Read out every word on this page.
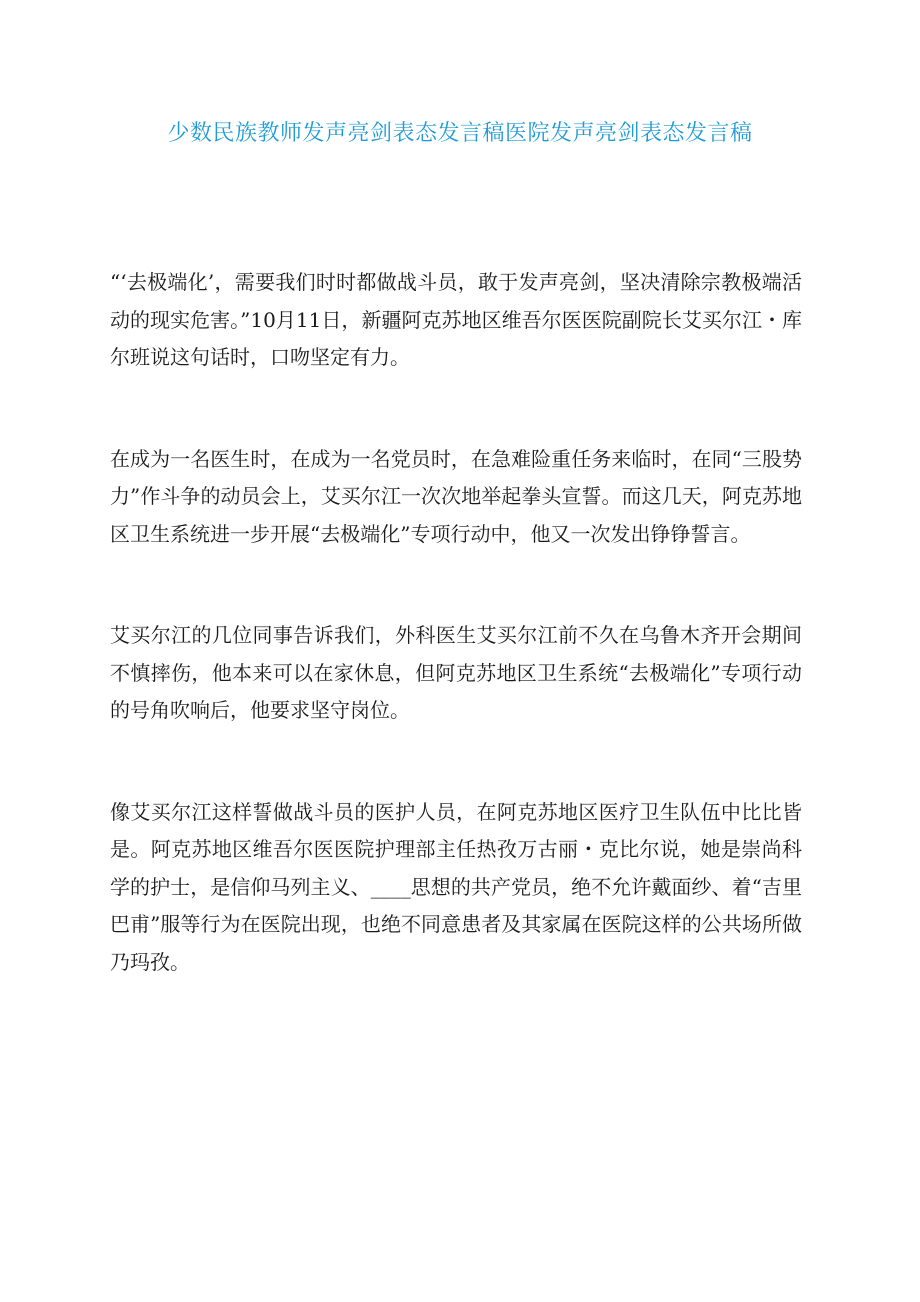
少数民族教师发声亮剑表态发言稿医院发声亮剑表态发言稿

“‘去极端化’，需要我们时时都做战斗员，敢于发声亮剑，坚决清除宗教极端活动的现实危害。”10月11日，新疆阿克苏地区维吾尔医医院副院长艾买尔江・库尔班说这句话时，口吻坚定有力。

在成为一名医生时，在成为一名党员时，在急难险重任务来临时，在同“三股势力”作斗争的动员会上，艾买尔江一次次地举起拳头宣誓。而这几天，阿克苏地区卫生系统进一步开展“去极端化”专项行动中，他又一次发出铮铮誓言。

艾买尔江的几位同事告诉我们，外科医生艾买尔江前不久在乌鲁木齐开会期间不慎摔伤，他本来可以在家休息，但阿克苏地区卫生系统“去极端化”专项行动的号角吹响后，他要求坚守岗位。

像艾买尔江这样誓做战斗员的医护人员，在阿克苏地区医疗卫生队伍中比比皆是。阿克苏地区维吾尔医医院护理部主任热孜万古丽・克比尔说，她是崇尚科学的护士，是信仰马列主义、____思想的共产党员，绝不允许戴面纱、着“吉里巴甫”服等行为在医院出现，也绝不同意患者及其家属在医院这样的公共场所做乃玛孜。
